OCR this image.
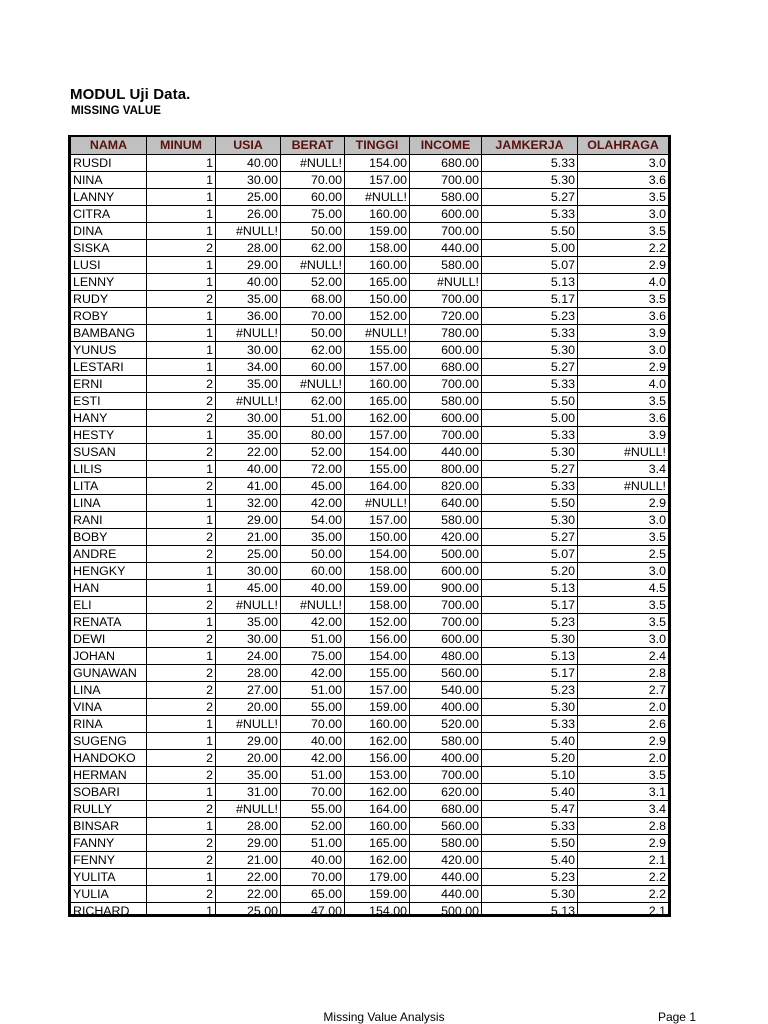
MODUL Uji Data.
MISSING VALUE
NAMA	MINUM	USIA	BERAT	TINGGI	INCOME	JAMKERJA	OLAHRAGA
RUSDI	1	40.00	#NULL!	154.00	680.00	5.33	3.0
NINA	1	30.00	70.00	157.00	700.00	5.30	3.6
LANNY	1	25.00	60.00	#NULL!	580.00	5.27	3.5
CITRA	1	26.00	75.00	160.00	600.00	5.33	3.0
DINA	1	#NULL!	50.00	159.00	700.00	5.50	3.5
SISKA	2	28.00	62.00	158.00	440.00	5.00	2.2
LUSI	1	29.00	#NULL!	160.00	580.00	5.07	2.9
LENNY	1	40.00	52.00	165.00	#NULL!	5.13	4.0
RUDY	2	35.00	68.00	150.00	700.00	5.17	3.5
ROBY	1	36.00	70.00	152.00	720.00	5.23	3.6
BAMBANG	1	#NULL!	50.00	#NULL!	780.00	5.33	3.9
YUNUS	1	30.00	62.00	155.00	600.00	5.30	3.0
LESTARI	1	34.00	60.00	157.00	680.00	5.27	2.9
ERNI	2	35.00	#NULL!	160.00	700.00	5.33	4.0
ESTI	2	#NULL!	62.00	165.00	580.00	5.50	3.5
HANY	2	30.00	51.00	162.00	600.00	5.00	3.6
HESTY	1	35.00	80.00	157.00	700.00	5.33	3.9
SUSAN	2	22.00	52.00	154.00	440.00	5.30	#NULL!
LILIS	1	40.00	72.00	155.00	800.00	5.27	3.4
LITA	2	41.00	45.00	164.00	820.00	5.33	#NULL!
LINA	1	32.00	42.00	#NULL!	640.00	5.50	2.9
RANI	1	29.00	54.00	157.00	580.00	5.30	3.0
BOBY	2	21.00	35.00	150.00	420.00	5.27	3.5
ANDRE	2	25.00	50.00	154.00	500.00	5.07	2.5
HENGKY	1	30.00	60.00	158.00	600.00	5.20	3.0
HAN	1	45.00	40.00	159.00	900.00	5.13	4.5
ELI	2	#NULL!	#NULL!	158.00	700.00	5.17	3.5
RENATA	1	35.00	42.00	152.00	700.00	5.23	3.5
DEWI	2	30.00	51.00	156.00	600.00	5.30	3.0
JOHAN	1	24.00	75.00	154.00	480.00	5.13	2.4
GUNAWAN	2	28.00	42.00	155.00	560.00	5.17	2.8
LINA	2	27.00	51.00	157.00	540.00	5.23	2.7
VINA	2	20.00	55.00	159.00	400.00	5.30	2.0
RINA	1	#NULL!	70.00	160.00	520.00	5.33	2.6
SUGENG	1	29.00	40.00	162.00	580.00	5.40	2.9
HANDOKO	2	20.00	42.00	156.00	400.00	5.20	2.0
HERMAN	2	35.00	51.00	153.00	700.00	5.10	3.5
SOBARI	1	31.00	70.00	162.00	620.00	5.40	3.1
RULLY	2	#NULL!	55.00	164.00	680.00	5.47	3.4
BINSAR	1	28.00	52.00	160.00	560.00	5.33	2.8
FANNY	2	29.00	51.00	165.00	580.00	5.50	2.9
FENNY	2	21.00	40.00	162.00	420.00	5.40	2.1
YULITA	1	22.00	70.00	179.00	440.00	5.23	2.2
YULIA	2	22.00	65.00	159.00	440.00	5.30	2.2
RICHARD	1	25.00	47.00	154.00	500.00	5.13	2.1
Missing Value Analysis	Page 1
